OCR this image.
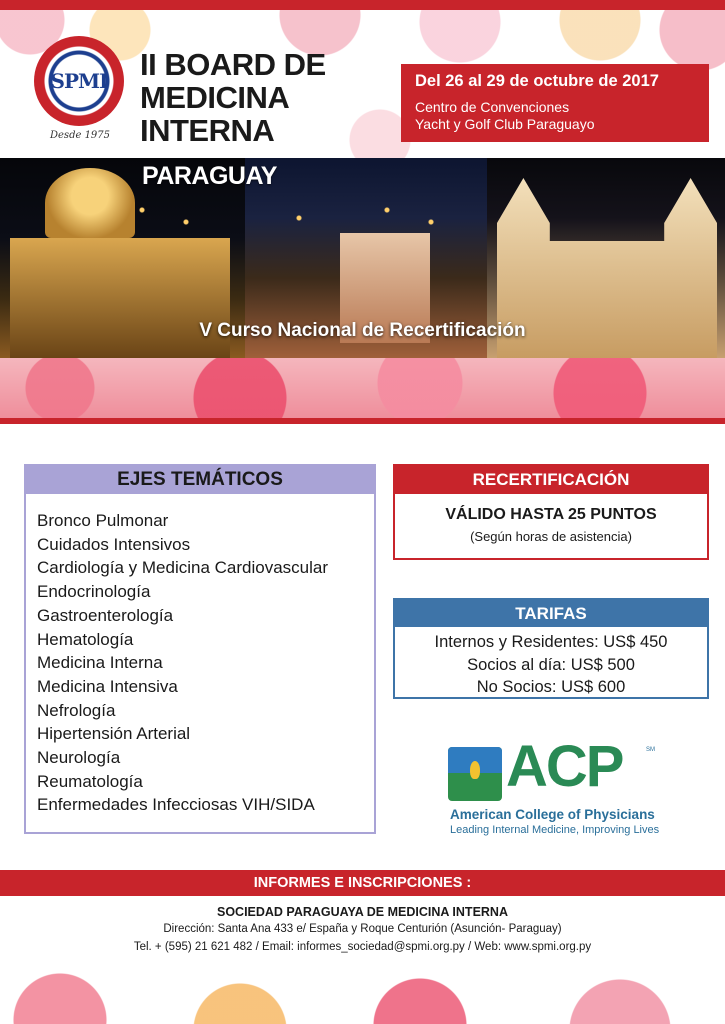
SPMI
Desde 1975
II BOARD DE
MEDICINA
INTERNA
Del 26 al 29 de octubre de 2017
Centro de Convenciones
Yacht y Golf Club Paraguayo
PARAGUAY
V Curso Nacional de Recertificación
EJES TEMÁTICOS
Bronco Pulmonar
Cuidados Intensivos
Cardiología y Medicina Cardiovascular
Endocrinología
Gastroenterología
Hematología
Medicina Interna
Medicina Intensiva
Nefrología
Hipertensión Arterial
Neurología
Reumatología
Enfermedades Infecciosas VIH/SIDA
RECERTIFICACIÓN
VÁLIDO HASTA 25 PUNTOS
(Según horas de asistencia)
TARIFAS
Internos y Residentes: US$ 450
Socios al día: US$ 500
No Socios: US$ 600
ACP	SM
American College of Physicians
Leading Internal Medicine, Improving Lives
INFORMES E INSCRIPCIONES :
SOCIEDAD PARAGUAYA DE MEDICINA INTERNA
Dirección: Santa Ana 433 e/ España y Roque Centurión (Asunción- Paraguay)
Tel. + (595) 21 621 482 / Email: informes_sociedad@spmi.org.py / Web: www.spmi.org.py
